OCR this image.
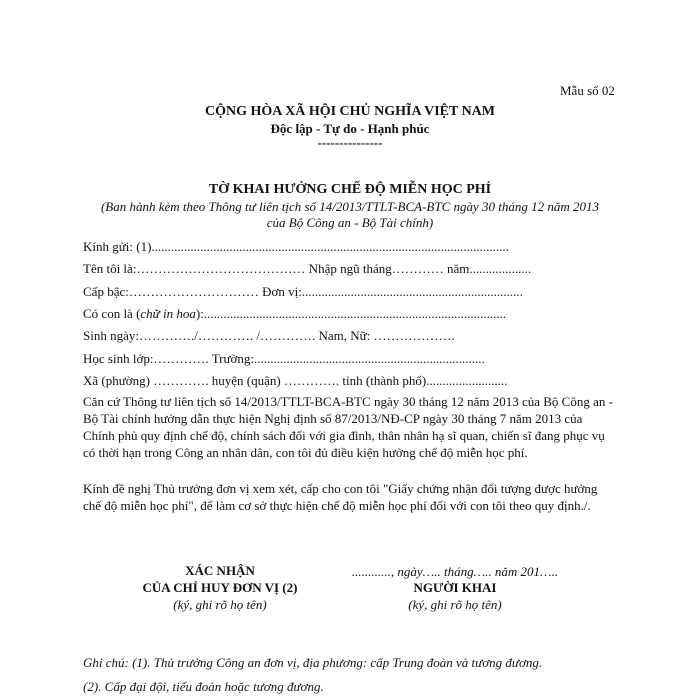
Mẫu số 02
CỘNG HÒA XÃ HỘI CHỦ NGHĨA VIỆT NAM
Độc lập - Tự do - Hạnh phúc
---------------
TỜ KHAI HƯỞNG CHẾ ĐỘ MIỄN HỌC PHÍ
(Ban hành kèm theo Thông tư liên tịch số 14/2013/TTLT-BCA-BTC ngày 30 tháng 12 năm 2013
của Bộ Công an - Bộ Tài chính)
Kính gửi: (1)..............................................................................................................
Tên tôi là:………………………………… Nhập ngũ tháng………… năm...................
Cấp bậc:………………………… Đơn vị:....................................................................
Có con là (chữ in hoa):.............................................................................................
Sinh ngày:…………./…………. /…………. Nam, Nữ: ……………….
Học sinh lớp:…………. Trường:.......................................................................
Xã (phường) …………. huyện (quận) …………. tỉnh (thành phố).........................
Căn cứ Thông tư liên tịch số 14/2013/TTLT-BCA-BTC ngày 30 tháng 12 năm 2013 của Bộ Công an - Bộ Tài chính hướng dẫn thực hiện Nghị định số 87/2013/NĐ-CP ngày 30 tháng 7 năm 2013 của Chính phủ quy định chế độ, chính sách đối với gia đình, thân nhân hạ sĩ quan, chiến sĩ đang phục vụ có thời hạn trong Công an nhân dân, con tôi đủ điều kiện hưởng chế độ miễn học phí.
Kính đề nghị Thủ trưởng đơn vị xem xét, cấp cho con tôi "Giấy chứng nhận đối tượng được hưởng chế độ miễn học phí", để làm cơ sở thực hiện chế độ miễn học phí đối với con tôi theo quy định./.
XÁC NHẬN
CỦA CHỈ HUY ĐƠN VỊ (2)
(ký, ghi rõ họ tên)
............, ngày….. tháng….. năm 201…..
NGƯỜI KHAI
(ký, ghi rõ họ tên)
Ghi chú: (1). Thủ trưởng Công an đơn vị, địa phương: cấp Trung đoàn và tương đương.
(2). Cấp đại đội, tiểu đoàn hoặc tương đương.
